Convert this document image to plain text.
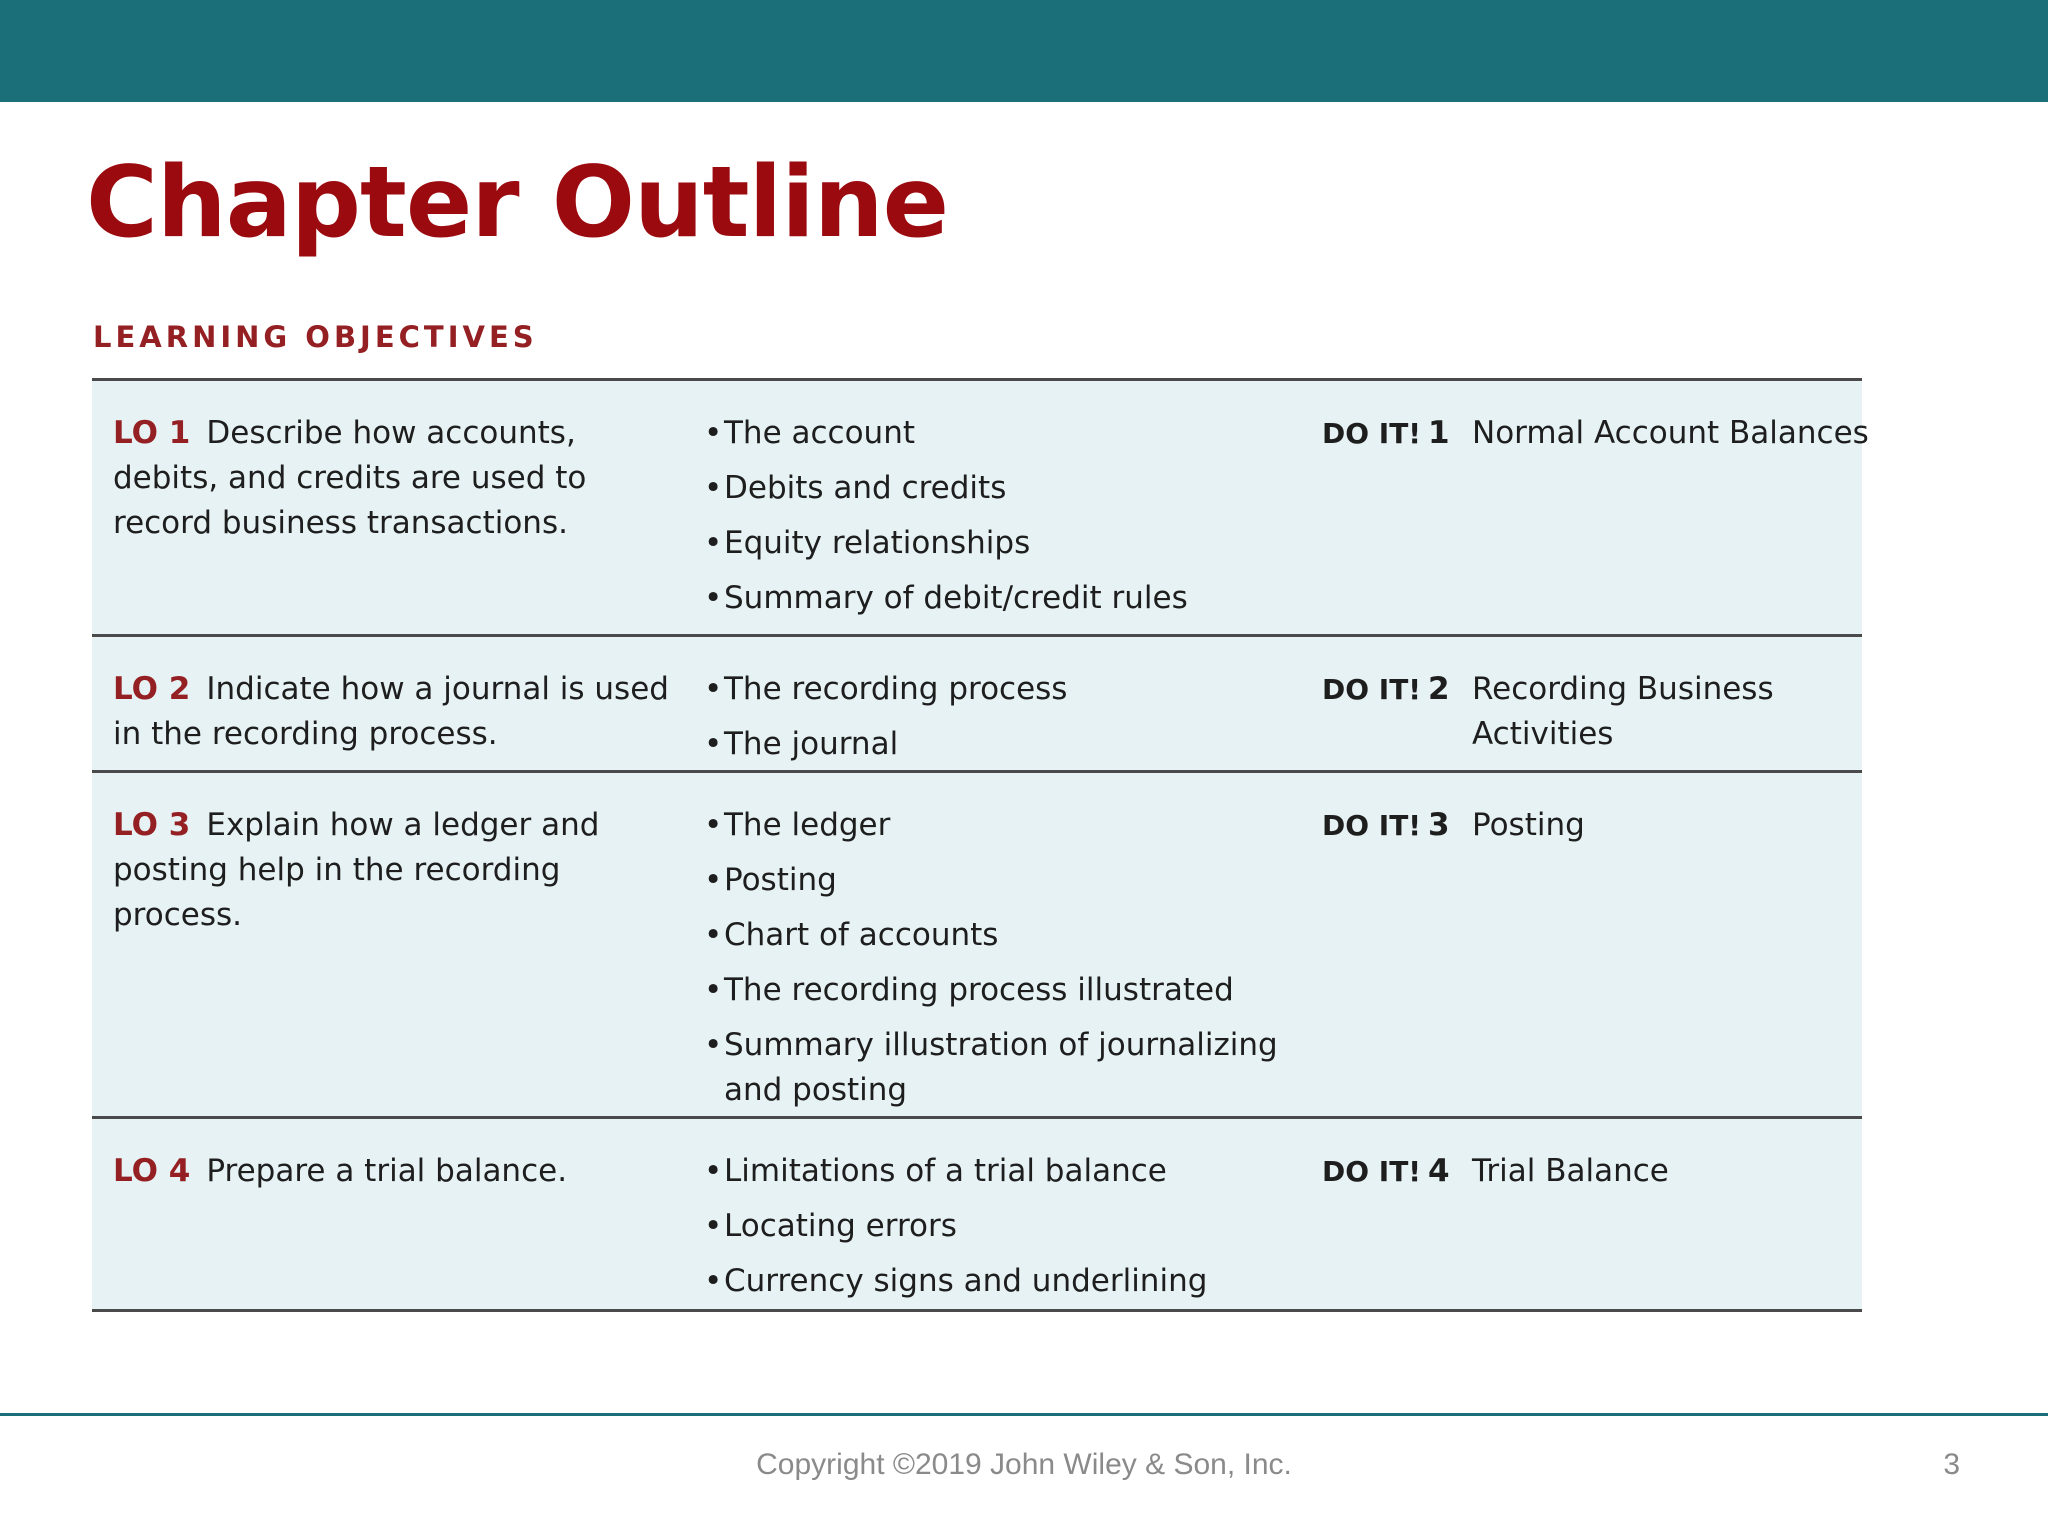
Chapter Outline
LEARNING OBJECTIVES
LO 1 Describe how accounts, debits, and credits are used to record business transactions.
• The account
• Debits and credits
• Equity relationships
• Summary of debit/credit rules
DO IT! 1 Normal Account Balances
LO 2 Indicate how a journal is used in the recording process.
• The recording process
• The journal
DO IT! 2 Recording Business Activities
LO 3 Explain how a ledger and posting help in the recording process.
• The ledger
• Posting
• Chart of accounts
• The recording process illustrated
• Summary illustration of journalizing and posting
DO IT! 3 Posting
LO 4 Prepare a trial balance.
•	Limitations of a trial balance
• Locating errors
• Currency signs and underlining
DO IT! 4 Trial Balance
Copyright ©2019 John Wiley & Son, Inc.	3
